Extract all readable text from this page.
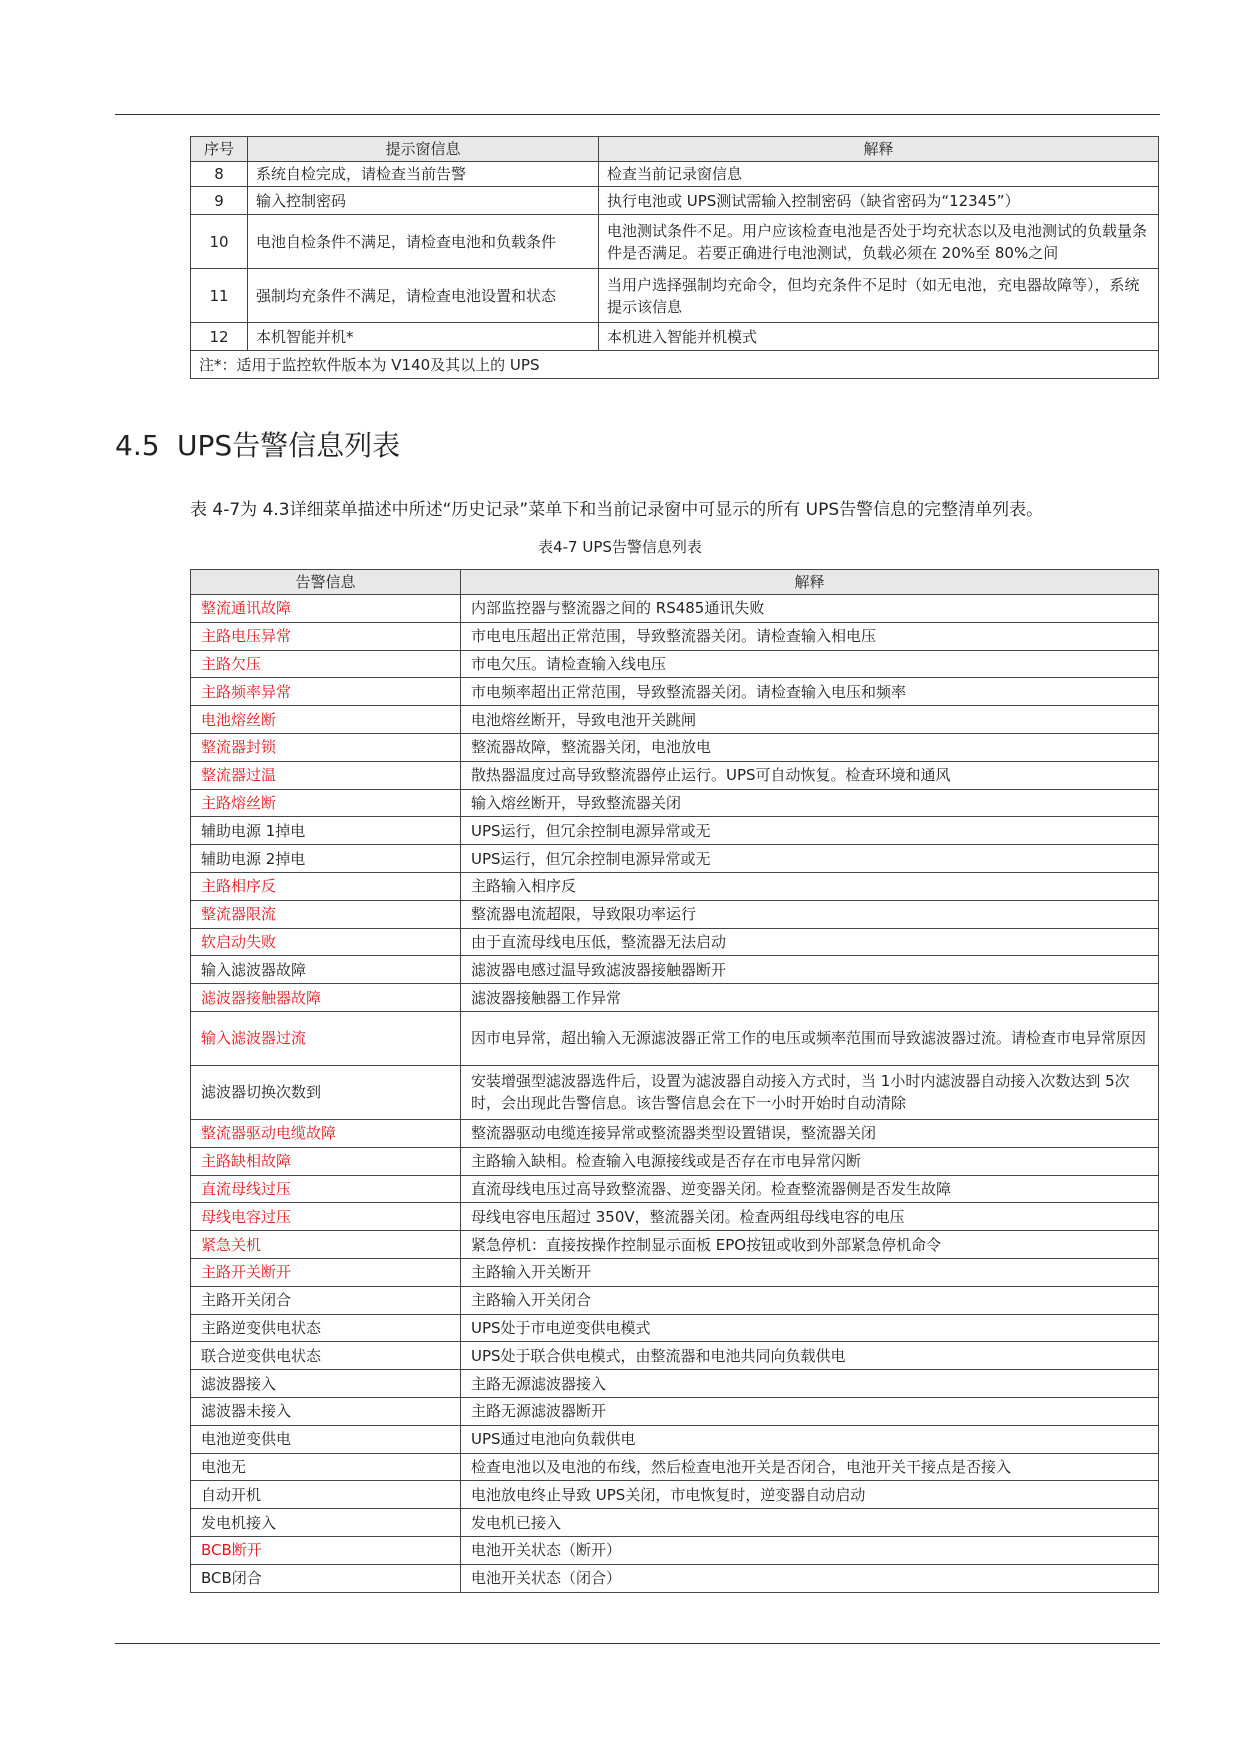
序号	提示窗信息	解释
8	系统自检完成，请检查当前告警	检查当前记录窗信息
9	输入控制密码	执行电池或 UPS测试需输入控制密码（缺省密码为“12345”）
10	电池自检条件不满足，请检查电池和负载条件	电池测试条件不足。用户应该检查电池是否处于均充状态以及电池测试的负载量条件是否满足。若要正确进行电池测试，负载必须在 20%至 80%之间
11	强制均充条件不满足，请检查电池设置和状态	当用户选择强制均充命令，但均充条件不足时（如无电池，充电器故障等），系统提示该信息
12	本机智能并机*	本机进入智能并机模式
注*：适用于监控软件版本为 V140及其以上的 UPS		
4.5 UPS告警信息列表
表 4-7为 4.3详细菜单描述中所述“历史记录”菜单下和当前记录窗中可显示的所有 UPS告警信息的完整清单列表。
表4-7 UPS告警信息列表
告警信息	解释
整流通讯故障	内部监控器与整流器之间的 RS485通讯失败
主路电压异常	市电电压超出正常范围，导致整流器关闭。请检查输入相电压
主路欠压	市电欠压。请检查输入线电压
主路频率异常	市电频率超出正常范围，导致整流器关闭。请检查输入电压和频率
电池熔丝断	电池熔丝断开，导致电池开关跳闸
整流器封锁	整流器故障，整流器关闭，电池放电
整流器过温	散热器温度过高导致整流器停止运行。UPS可自动恢复。检查环境和通风
主路熔丝断	输入熔丝断开，导致整流器关闭
辅助电源 1掉电	UPS运行，但冗余控制电源异常或无
辅助电源 2掉电	UPS运行，但冗余控制电源异常或无
主路相序反	主路输入相序反
整流器限流	整流器电流超限，导致限功率运行
软启动失败	由于直流母线电压低，整流器无法启动
输入滤波器故障	滤波器电感过温导致滤波器接触器断开
滤波器接触器故障	滤波器接触器工作异常
输入滤波器过流	因市电异常，超出输入无源滤波器正常工作的电压或频率范围而导致滤波器过流。请检查市电异常原因
滤波器切换次数到	安装增强型滤波器选件后，设置为滤波器自动接入方式时，当 1小时内滤波器自动接入次数达到 5次时，会出现此告警信息。该告警信息会在下一小时开始时自动清除
整流器驱动电缆故障	整流器驱动电缆连接异常或整流器类型设置错误，整流器关闭
主路缺相故障	主路输入缺相。检查输入电源接线或是否存在市电异常闪断
直流母线过压	直流母线电压过高导致整流器、逆变器关闭。检查整流器侧是否发生故障
母线电容过压	母线电容电压超过 350V，整流器关闭。检查两组母线电容的电压
紧急关机	紧急停机：直接按操作控制显示面板 EPO按钮或收到外部紧急停机命令
主路开关断开	主路输入开关断开
主路开关闭合	主路输入开关闭合
主路逆变供电状态	UPS处于市电逆变供电模式
联合逆变供电状态	UPS处于联合供电模式，由整流器和电池共同向负载供电
滤波器接入	主路无源滤波器接入
滤波器未接入	主路无源滤波器断开
电池逆变供电	UPS通过电池向负载供电
电池无	检查电池以及电池的布线，然后检查电池开关是否闭合，电池开关干接点是否接入
自动开机	电池放电终止导致 UPS关闭，市电恢复时，逆变器自动启动
发电机接入	发电机已接入
BCB断开	电池开关状态（断开）
BCB闭合	电池开关状态（闭合）
